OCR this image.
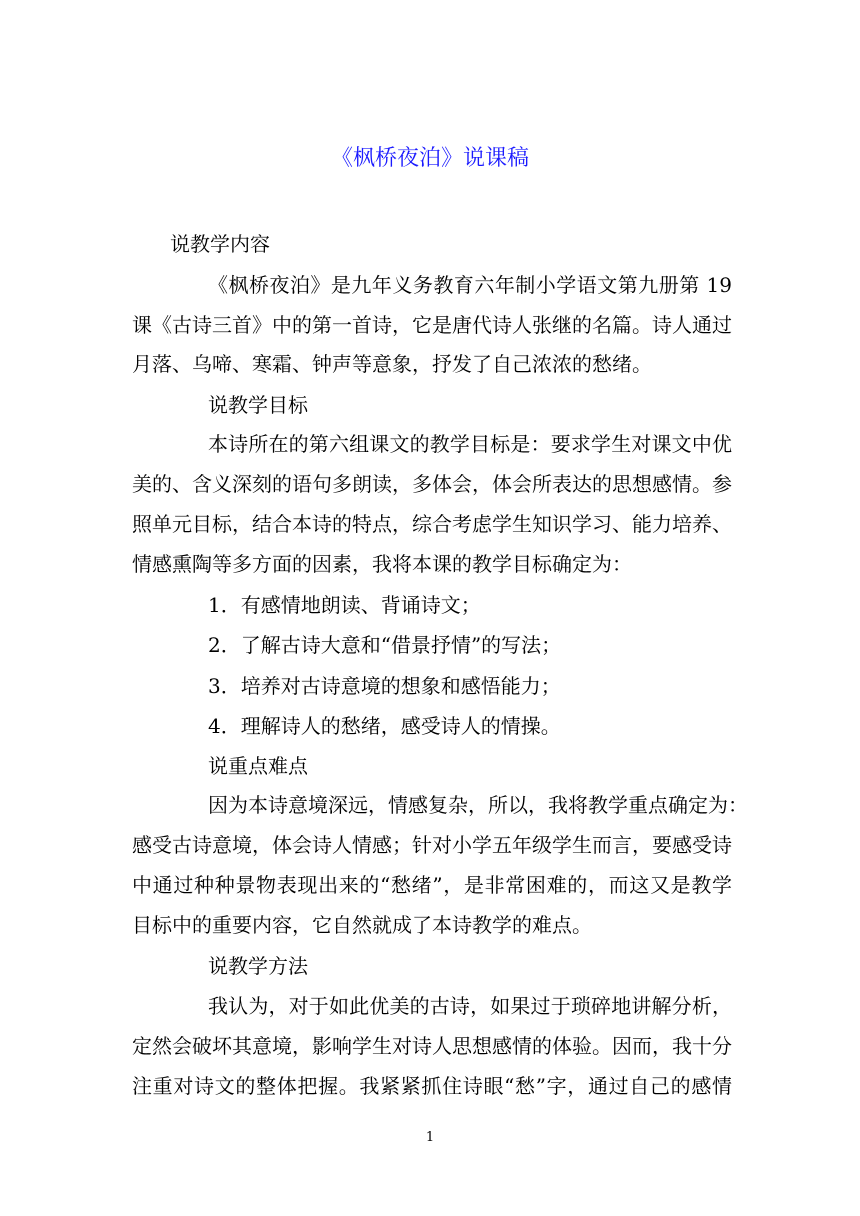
《枫桥夜泊》说课稿
说教学内容
《枫桥夜泊》是九年义务教育六年制小学语文第九册第 19
课《古诗三首》中的第一首诗，它是唐代诗人张继的名篇。诗人通过
月落、乌啼、寒霜、钟声等意象，抒发了自己浓浓的愁绪。
说教学目标
本诗所在的第六组课文的教学目标是：要求学生对课文中优
美的、含义深刻的语句多朗读，多体会，体会所表达的思想感情。参
照单元目标，结合本诗的特点，综合考虑学生知识学习、能力培养、
情感熏陶等多方面的因素，我将本课的教学目标确定为：
1．有感情地朗读、背诵诗文；
2．了解古诗大意和“借景抒情”的写法；
3．培养对古诗意境的想象和感悟能力；
4．理解诗人的愁绪，感受诗人的情操。
说重点难点
因为本诗意境深远，情感复杂，所以，我将教学重点确定为：
感受古诗意境，体会诗人情感；针对小学五年级学生而言，要感受诗
中通过种种景物表现出来的“愁绪”，是非常困难的，而这又是教学
目标中的重要内容，它自然就成了本诗教学的难点。
说教学方法
我认为，对于如此优美的古诗，如果过于琐碎地讲解分析，
定然会破坏其意境，影响学生对诗人思想感情的体验。因而，我十分
注重对诗文的整体把握。我紧紧抓住诗眼“愁”字，通过自己的感情
1
